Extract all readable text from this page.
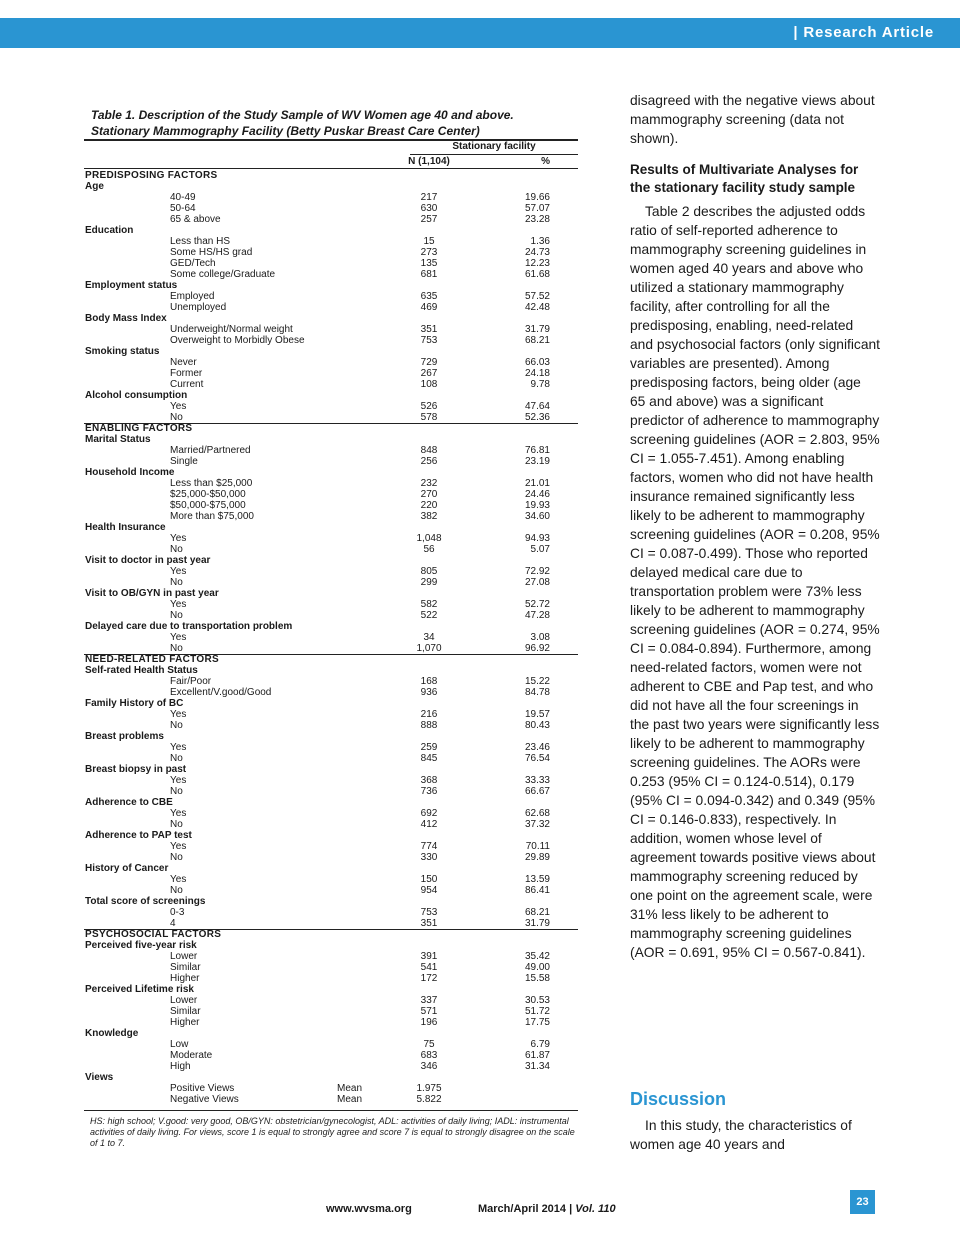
| Research Article
Table 1. Description of the Study Sample of WV Women age 40 and above.
Stationary Mammography Facility (Betty Puskar Breast Care Center)
Stationary facility
N (1,104)	%
PREDISPOSING FACTORS
Age
40-49	217	19.66
50-64	630	57.07
65 & above	257	23.28
Education
Less than HS	15	1.36
Some HS/HS grad	273	24.73
GED/Tech	135	12.23
Some college/Graduate	681	61.68
Employment status
Employed	635	57.52
Unemployed	469	42.48
Body Mass Index
Underweight/Normal weight	351	31.79
Overweight to Morbidly Obese	753	68.21
Smoking status
Never	729	66.03
Former	267	24.18
Current	108	9.78
Alcohol consumption
Yes	526	47.64
No	578	52.36
ENABLING FACTORS
Marital Status
Married/Partnered	848	76.81
Single	256	23.19
Household Income
Less than $25,000	232	21.01
$25,000-$50,000	270	24.46
$50,000-$75,000	220	19.93
More than $75,000	382	34.60
Health Insurance
Yes	1,048	94.93
No	56	5.07
Visit to doctor in past year
Yes	805	72.92
No	299	27.08
Visit to OB/GYN in past year
Yes	582	52.72
No	522	47.28
Delayed care due to transportation problem
Yes	34	3.08
No	1,070	96.92
NEED-RELATED FACTORS
Self-rated Health Status
Fair/Poor	168	15.22
Excellent/V.good/Good	936	84.78
Family History of BC
Yes	216	19.57
No	888	80.43
Breast problems
Yes	259	23.46
No	845	76.54
Breast biopsy in past
Yes	368	33.33
No	736	66.67
Adherence to CBE
Yes	692	62.68
No	412	37.32
Adherence to PAP test
Yes	774	70.11
No	330	29.89
History of Cancer
Yes	150	13.59
No	954	86.41
Total score of screenings
0-3	753	68.21
4	351	31.79
PSYCHOSOCIAL FACTORS
Perceived five-year risk
Lower	391	35.42
Similar	541	49.00
Higher	172	15.58
Perceived Lifetime risk
Lower	337	30.53
Similar	571	51.72
Higher	196	17.75
Knowledge
Low	75	6.79
Moderate	683	61.87
High	346	31.34
Views
Positive Views	Mean	1.975
Negative Views	Mean	5.822
HS: high school; V.good: very good, OB/GYN: obstetrician/gynecologist, ADL: activities of daily living; IADL: instrumental activities of daily living. For views, score 1 is equal to strongly agree and score 7 is equal to strongly disagree on the scale of 1 to 7.

disagreed with the negative views about mammography screening (data not shown).

Results of Multivariate Analyses for the stationary facility study sample

Table 2 describes the adjusted odds ratio of self-reported adherence to mammography screening guidelines in women aged 40 years and above who utilized a stationary mammography facility, after controlling for all the predisposing, enabling, need-related and psychosocial factors (only significant variables are presented). Among predisposing factors, being older (age 65 and above) was a significant predictor of adherence to mammography screening guidelines (AOR = 2.803, 95% CI = 1.055-7.451). Among enabling factors, women who did not have health insurance remained significantly less likely to be adherent to mammography screening guidelines (AOR = 0.208, 95% CI = 0.087-0.499). Those who reported delayed medical care due to transportation problem were 73% less likely to be adherent to mammography screening guidelines (AOR = 0.274, 95% CI = 0.084-0.894). Furthermore, among need-related factors, women were not adherent to CBE and Pap test, and who did not have all the four screenings in the past two years were significantly less likely to be adherent to mammography screening guidelines. The AORs were 0.253 (95% CI = 0.124-0.514), 0.179 (95% CI = 0.094-0.342) and 0.349 (95% CI = 0.146-0.833), respectively. In addition, women whose level of agreement towards positive views about mammography screening reduced by one point on the agreement scale, were 31% less likely to be adherent to mammography screening guidelines (AOR = 0.691, 95% CI = 0.567-0.841).

Discussion

In this study, the characteristics of women age 40 years and

www.wvsma.org	March/April 2014 | Vol. 110
23
